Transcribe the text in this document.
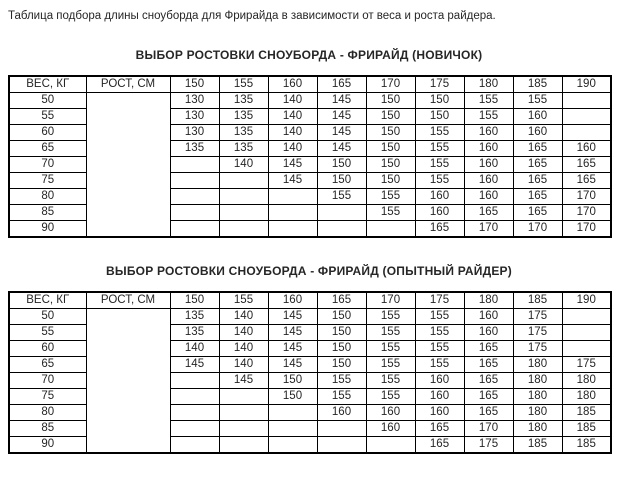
Таблица подбора длины сноуборда для Фрирайда в зависимости от веса и роста райдера.

ВЫБОР РОСТОВКИ СНОУБОРДА - ФРИРАЙД (НОВИЧОК)
ВЕС, КГ	РОСТ, СМ	150	155	160	165	170	175	180	185	190
50		130	135	140	145	150	150	155	155	
55		130	135	140	145	150	150	155	160	
60		130	135	140	145	150	155	160	160	
65		135	135	140	145	150	155	160	165	160
70			140	145	150	150	155	160	165	165
75				145	150	150	155	160	165	165
80					155	155	160	160	165	170
85						155	160	165	165	170
90							165	170	170	170
ВЫБОР РОСТОВКИ СНОУБОРДА - ФРИРАЙД (ОПЫТНЫЙ РАЙДЕР)
ВЕС, КГ	РОСТ, СМ	150	155	160	165	170	175	180	185	190
50		135	140	145	150	155	155	160	175	
55		135	140	145	150	155	155	160	175	
60		140	140	145	150	155	155	165	175	
65		145	140	145	150	155	155	165	180	175
70			145	150	155	155	160	165	180	180
75				150	155	155	160	165	180	180
80					160	160	160	165	180	185
85						160	165	170	180	185
90							165	175	185	185
